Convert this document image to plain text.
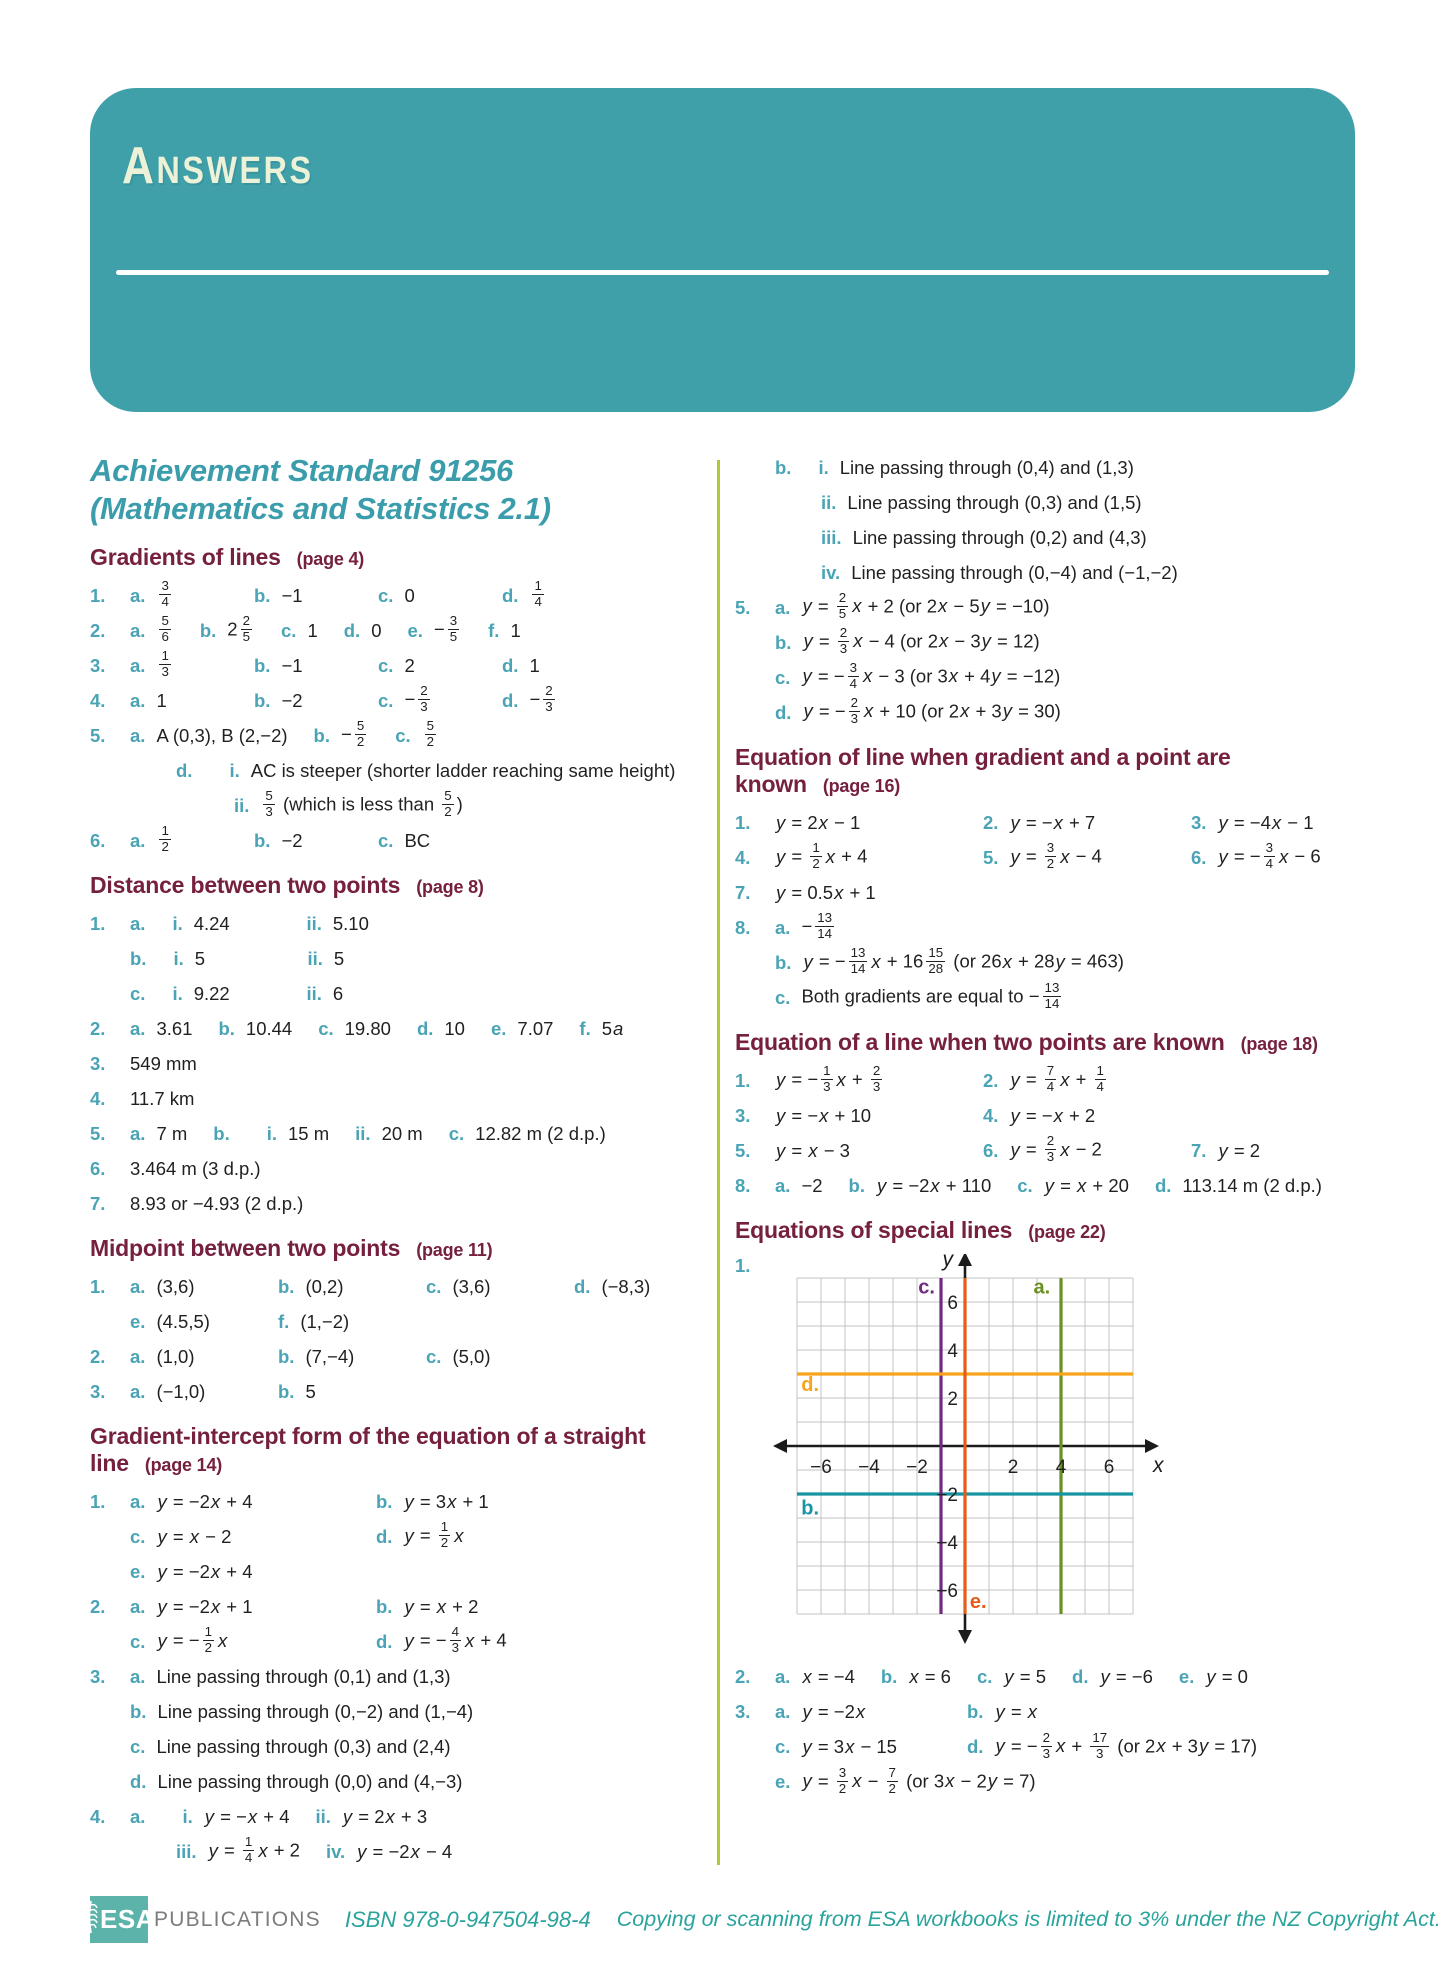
ANSWERS
Achievement Standard 91256
(Mathematics and Statistics 2.1)
Gradients of lines (page 4)
1.	a. $\frac{3}{4}$	b. −1	c. 0	d. $\frac{1}{4}$
2.	a. $\frac{5}{6} b$. $2 \frac{2}{5} c$. 1 d. 0 e. − $\frac{3}{5} f$. 1
3.	a. $\frac{1}{3}$	b. −1	c. 2	d. 1
4.	a. 1	b. −2	c. − $\frac{2}{3}$	d. − $\frac{2}{3}$
5.	a. A (0,3), B (2,−2) b. − $\frac{5}{2} c$. $\frac{5}{2}$
d. i. AC is steeper (shorter ladder reaching same height)
ii. $\frac{5}{3}$ (which is less than $\frac{5}{2}$ )
6.	a. $\frac{1}{2}$	b. −2	c. BC
Distance between two points (page 8)
1.	a. i. 4.24	ii. 5.10
b. i. 5	ii. 5
c. i. 9.22	ii. 6
2.	a. 3.61 b. 10.44 c. 19.80 d. 10 e. 7.07 f. 5a
3.	549 mm
4.	11.7 km
5.	a. 7 m b. i. 15 m ii. 20 m c. 12.82 m (2 d.p.)
6.	3.464 m (3 d.p.)
7.	8.93 or −4.93 (2 d.p.)
Midpoint between two points (page 11)
1.	a. (3,6)	b. (0,2)	c. (3,6)	d. (−8,3)
e. (4.5,5)	f. (1,−2)
2.	a. (1,0)	b. (7,−4)	c. (5,0)
3.	a. (−1,0)	b. 5
Gradient-intercept form of the equation of a straight line (page 14)
1.	a. y = −2x + 4	b. y = 3x + 1
c. y = x − 2	d. $y = \frac{1}{2}$ x
e. y = −2x + 4
2.	a. y = −2x + 1	b. y = x + 2
c. y = − $\frac{1}{2}$ x	d. y = − $\frac{4}{3}$ x + 4
3.	a. Line passing through (0,1) and (1,3)
b. Line passing through (0,−2) and (1,−4)
c. Line passing through (0,3) and (2,4)
d. Line passing through (0,0) and (4,−3)
4.	a. i. y = −x + 4 ii. y = 2x + 3
iii. $y = \frac{1}{4}$ x + 2 iv. y = −2x − 4
b. i. Line passing through (0,4) and (1,3)
ii. Line passing through (0,3) and (1,5)
iii. Line passing through (0,2) and (4,3)
iv. Line passing through (0,−4) and (−1,−2)
5.	a. $y = \frac{2}{5}$ x + 2 (or 2x − 5y = −10)
b. $y = \frac{2}{3}$ x − 4 (or 2x − 3y = 12)
c. y = − $\frac{3}{4}$ x − 3 (or 3x + 4y = −12)
d. y = − $\frac{2}{3}$ x + 10 (or 2x + 3y = 30)
Equation of line when gradient and a point are known (page 16)
1.	y = 2x − 1	2. y = −x + 7	3. y = −4x − 1
4.	$y = \frac{1}{2}$ x + 4	5. $y = \frac{3}{2}$ x − 4	6. y = − $\frac{3}{4}$ x − 6
7.	y = 0.5x + 1
8.	a. − $\frac{13}{14}$
b. y = − $\frac{13}{14}$ $x + 16 \frac{15}{28} (or$ 26x + 28y = 463)
c. Both gradients are equal to − $\frac{13}{14}$
Equation of a line when two points are known (page 18)
1.	y = − $\frac{1}{3}$ $x + \frac{2}{3}$	2. $y = \frac{7}{4}$ $x + \frac{1}{4}$
3.	y = −x + 10	4. y = −x + 2
5.	y = x − 3	6. $y = \frac{2}{3}$ x − 2	7. y = 2
8.	a. −2 b. y = −2x + 110 c. y = x + 20 d. 113.14 m (2 d.p.)
Equations of special lines (page 22)
1.
−6 −4 −2	2 4 6
6
4
2
−2
−4
−6
x
y
a.
b.
c.
d.
e.
2.	a. x = −4 b. x = 6 c. y = 5 d. y = −6 e. y = 0
3.	a. y = −2x	b. y = x
c. y = 3x − 15	d. y = − $\frac{2}{3}$ $x + \frac{17}{3} (or$ 2x + 3y = 17)
e. $y = \frac{3}{2}$ $x - \frac{7}{2} (or$ 3x − 2y = 7)
ESA PUBLICATIONS ISBN 978-0-947504-98-4 Copying or scanning from ESA workbooks is limited to 3% under the NZ Copyright Act.
